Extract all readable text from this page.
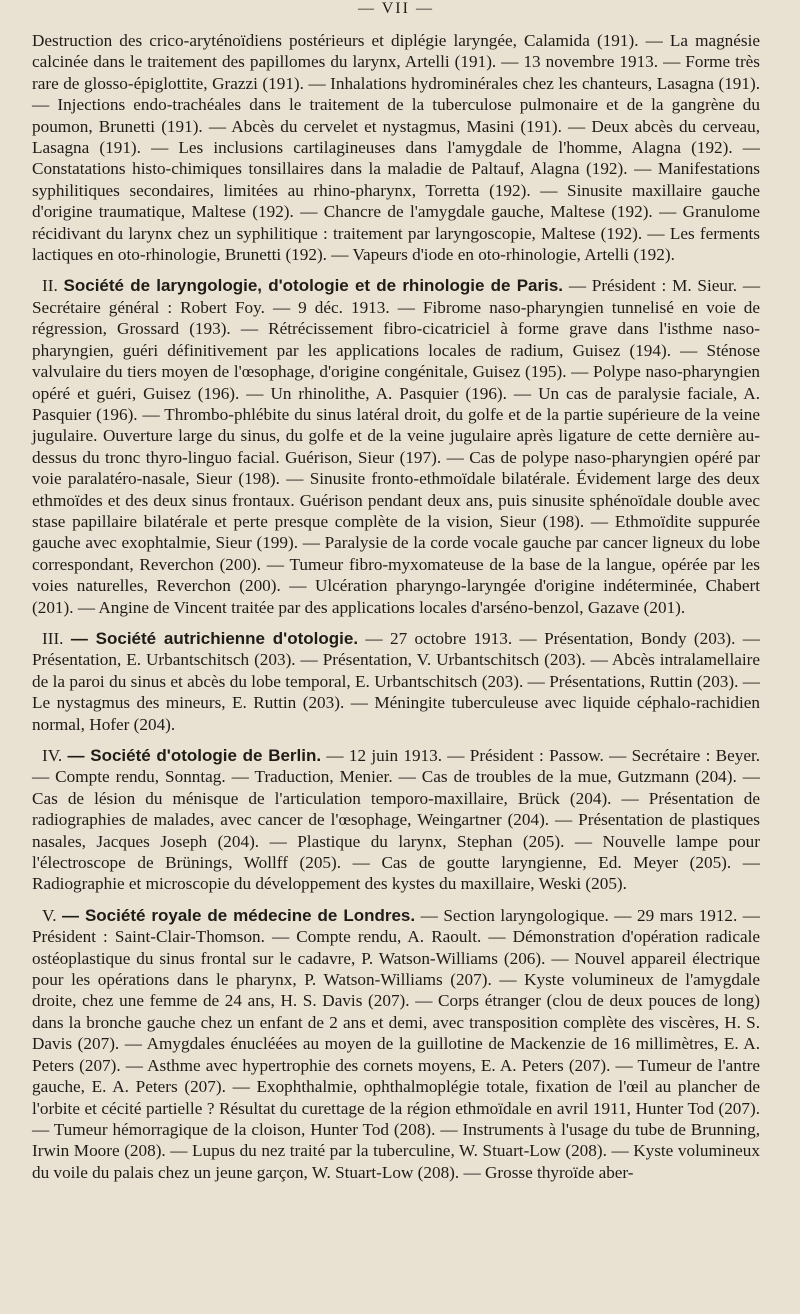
— VII —

Destruction des crico-aryténoïdiens postérieurs et diplégie laryngée, Calamida (191). — La magnésie calcinée dans le traitement des papillomes du larynx, Artelli (191). — 13 novembre 1913. — Forme très rare de glosso-épiglottite, Grazzi (191). — Inhalations hydrominérales chez les chanteurs, Lasagna (191). — Injections endo-trachéales dans le traitement de la tuberculose pulmonaire et de la gangrène du poumon, Brunetti (191). — Abcès du cervelet et nystagmus, Masini (191). — Deux abcès du cerveau, Lasagna (191). — Les inclusions cartilagineuses dans l'amygdale de l'homme, Alagna (192). — Constatations histo-chimiques tonsillaires dans la maladie de Paltauf, Alagna (192). — Manifestations syphilitiques secondaires, limitées au rhino-pharynx, Torretta (192). — Sinusite maxillaire gauche d'origine traumatique, Maltese (192). — Chancre de l'amygdale gauche, Maltese (192). — Granulome récidivant du larynx chez un syphilitique : traitement par laryngoscopie, Maltese (192). — Les ferments lactiques en oto-rhinologie, Brunetti (192). — Vapeurs d'iode en oto-rhinologie, Artelli (192).

II. Société de laryngologie, d'otologie et de rhinologie de Paris. — Président : M. Sieur. — Secrétaire général : Robert Foy. — 9 déc. 1913. — Fibrome naso-pharyngien tunnelisé en voie de régression, Grossard (193). — Rétrécissement fibro-cicatriciel à forme grave dans l'isthme naso-pharyngien, guéri définitivement par les applications locales de radium, Guisez (194). — Sténose valvulaire du tiers moyen de l'œsophage, d'origine congénitale, Guisez (195). — Polype naso-pharyngien opéré et guéri, Guisez (196). — Un rhinolithe, A. Pasquier (196). — Un cas de paralysie faciale, A. Pasquier (196). — Thrombo-phlébite du sinus latéral droit, du golfe et de la partie supérieure de la veine jugulaire. Ouverture large du sinus, du golfe et de la veine jugulaire après ligature de cette dernière au-dessus du tronc thyro-linguo facial. Guérison, Sieur (197). — Cas de polype naso-pharyngien opéré par voie paralatéro-nasale, Sieur (198). — Sinusite fronto-ethmoïdale bilatérale. Évidement large des deux ethmoïdes et des deux sinus frontaux. Guérison pendant deux ans, puis sinusite sphénoïdale double avec stase papillaire bilatérale et perte presque complète de la vision, Sieur (198). — Ethmoïdite suppurée gauche avec exophtalmie, Sieur (199). — Paralysie de la corde vocale gauche par cancer ligneux du lobe correspondant, Reverchon (200). — Tumeur fibro-myxomateuse de la base de la langue, opérée par les voies naturelles, Reverchon (200). — Ulcération pharyngo-laryngée d'origine indéterminée, Chabert (201). — Angine de Vincent traitée par des applications locales d'arséno-benzol, Gazave (201).

III. — Société autrichienne d'otologie. — 27 octobre 1913. — Présentation, Bondy (203). — Présentation, E. Urbantschitsch (203). — Présentation, V. Urbantschitsch (203). — Abcès intralamellaire de la paroi du sinus et abcès du lobe temporal, E. Urbantschitsch (203). — Présentations, Ruttin (203). — Le nystagmus des mineurs, E. Ruttin (203). — Méningite tuberculeuse avec liquide céphalo-rachidien normal, Hofer (204).

IV. — Société d'otologie de Berlin. — 12 juin 1913. — Président : Passow. — Secrétaire : Beyer. — Compte rendu, Sonntag. — Traduction, Menier. — Cas de troubles de la mue, Gutzmann (204). — Cas de lésion du ménisque de l'articulation temporo-maxillaire, Brück (204). — Présentation de radiographies de malades, avec cancer de l'œsophage, Weingartner (204). — Présentation de plastiques nasales, Jacques Joseph (204). — Plastique du larynx, Stephan (205). — Nouvelle lampe pour l'électroscope de Brünings, Wollff (205). — Cas de goutte laryngienne, Ed. Meyer (205). — Radiographie et microscopie du développement des kystes du maxillaire, Weski (205).

V. — Société royale de médecine de Londres. — Section laryngologique. — 29 mars 1912. — Président : Saint-Clair-Thomson. — Compte rendu, A. Raoult. — Démonstration d'opération radicale ostéoplastique du sinus frontal sur le cadavre, P. Watson-Williams (206). — Nouvel appareil électrique pour les opérations dans le pharynx, P. Watson-Williams (207). — Kyste volumineux de l'amygdale droite, chez une femme de 24 ans, H. S. Davis (207). — Corps étranger (clou de deux pouces de long) dans la bronche gauche chez un enfant de 2 ans et demi, avec transposition complète des viscères, H. S. Davis (207). — Amygdales énucléées au moyen de la guillotine de Mackenzie de 16 millimètres, E. A. Peters (207). — Asthme avec hypertrophie des cornets moyens, E. A. Peters (207). — Tumeur de l'antre gauche, E. A. Peters (207). — Exophthalmie, ophthalmoplégie totale, fixation de l'œil au plancher de l'orbite et cécité partielle ? Résultat du curettage de la région ethmoïdale en avril 1911, Hunter Tod (207). — Tumeur hémorragique de la cloison, Hunter Tod (208). — Instruments à l'usage du tube de Brunning, Irwin Moore (208). — Lupus du nez traité par la tuberculine, W. Stuart-Low (208). — Kyste volumineux du voile du palais chez un jeune garçon, W. Stuart-Low (208). — Grosse thyroïde aber-
